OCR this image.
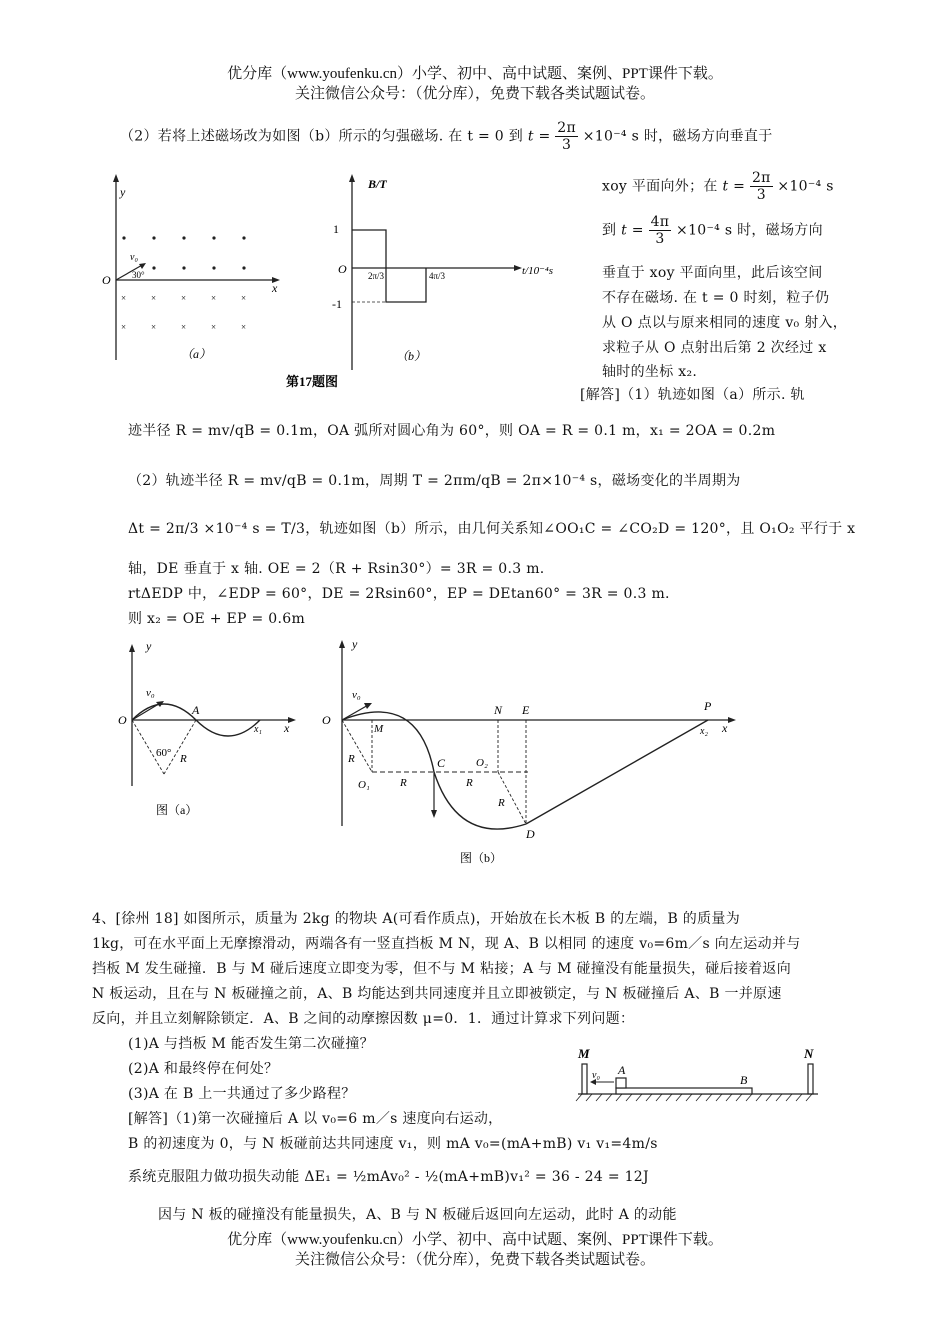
优分库（www.youfenku.cn）小学、初中、高中试题、案例、PPT课件下载。
关注微信公众号：（优分库），免费下载各类试题试卷。
（2）若将上述磁场改为如图（b）所示的匀强磁场. 在 t = 0 到 $t = \frac{2\pi}{3} \times 10^{-4}$ s 时，磁场方向垂直于
xoy 平面向外；在 $t = \frac{2\pi}{3} \times 10^{-4}$ s
到 $t = \frac{4\pi}{3} \times 10^{-4}$ s 时，磁场方向
垂直于 xoy 平面向里，此后该空间
不存在磁场. 在 t = 0 时刻，粒子仍
从 O 点以与原来相同的速度 v₀ 射入，
求粒子从 O 点射出后第 2 次经过 x
轴时的坐标 x₂.
[解答]（1）轨迹如图（a）所示. 轨
y
x
O
×	×	×	×	×
×	×	×	×	×
v₀
30°
（a）
B/T
t/10⁻⁴s
1
O
-1
2π/3	4π/3
（b）
第17题图
迹半径 R = mv/qB = 0.1m，OA 弧所对圆心角为 60°，则 OA = R = 0.1 m，x₁ = 2OA = 0.2m
（2）轨迹半径 R = mv/qB = 0.1m，周期 T = 2πm/qB = 2π×10⁻⁴ s，磁场变化的半周期为
Δt = 2π/3 ×10⁻⁴ s = T/3，轨迹如图（b）所示，由几何关系知∠OO₁C = ∠CO₂D = 120°，且 O₁O₂ 平行于 x
轴，DE 垂直于 x 轴. OE = 2（R + Rsin30°）= 3R = 0.3 m.
rtΔEDP 中，∠EDP = 60°，DE = 2Rsin60°，EP = DEtan60° = 3R = 0.3 m.
则 x₂ = OE + EP = 0.6m
y
x
O
v₀
A
60° R
x₁
图（a）
y
x
O
v₀
M
N E	P
C
D
O₁
O₂
R
R	R
R
x₂
图（b）
4、[徐州 18] 如图所示，质量为 2kg 的物块 A(可看作质点)，开始放在长木板 B 的左端，B 的质量为
1kg，可在水平面上无摩擦滑动，两端各有一竖直挡板 M N，现 A、B 以相同 的速度 v₀=6m／s 向左运动并与
挡板 M 发生碰撞．B 与 M 碰后速度立即变为零，但不与 M 粘接；A 与 M 碰撞没有能量损失，碰后接着返向
N 板运动，且在与 N 板碰撞之前，A、B 均能达到共同速度并且立即被锁定，与 N 板碰撞后 A、B 一并原速
反向，并且立刻解除锁定．A、B 之间的动摩擦因数 μ=0．1．通过计算求下列问题：
(1)A 与挡板 M 能否发生第二次碰撞？
(2)A 和最终停在何处？
(3)A 在 B 上一共通过了多少路程？
[解答]（1)第一次碰撞后 A 以 v₀=6 m／s 速度向右运动，
B 的初速度为 0，与 N 板碰前达共同速度 v₁，则 mA v₀=(mA+mB) v₁ v₁=4m/s
系统克服阻力做功损失动能 ΔE₁ = ½mAv₀² - ½(mA+mB)v₁² = 36 - 24 = 12J
因与 N 板的碰撞没有能量损失，A、B 与 N 板碰后返回向左运动，此时 A 的动能
M	N
A
B
v₀
优分库（www.youfenku.cn）小学、初中、高中试题、案例、PPT课件下载。
关注微信公众号：（优分库），免费下载各类试题试卷。
